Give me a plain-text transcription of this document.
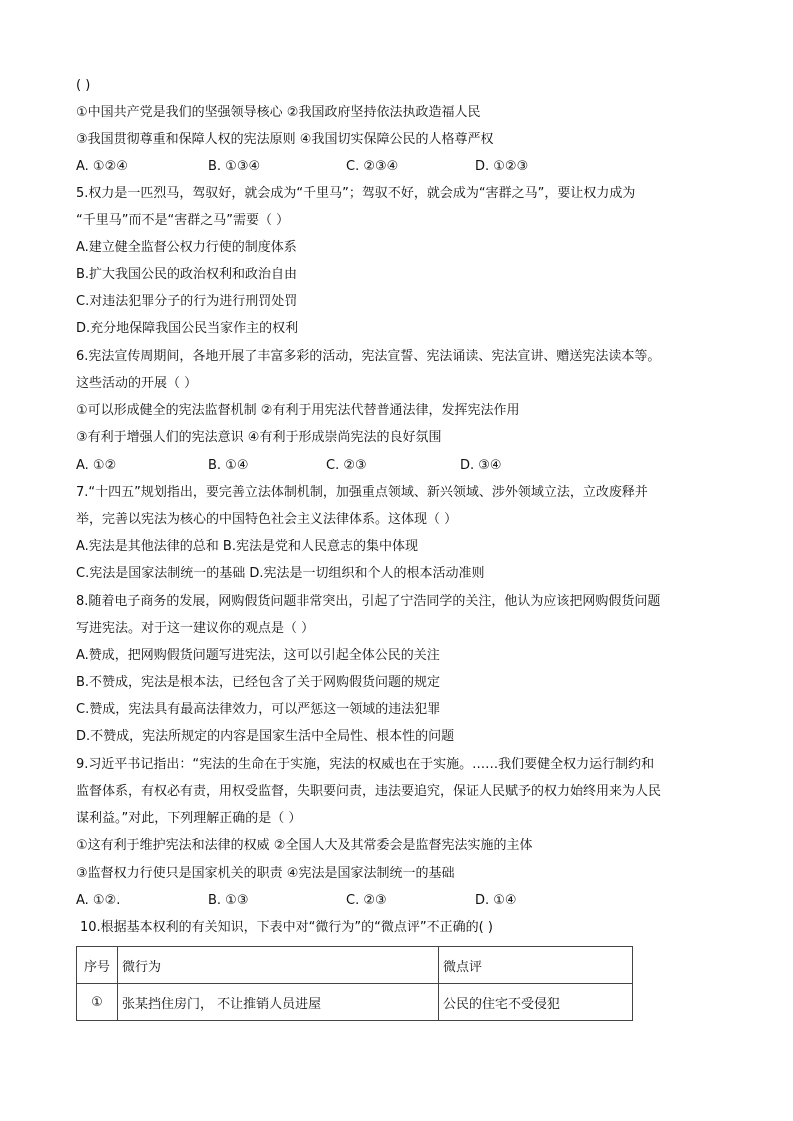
( )
①中国共产党是我们的坚强领导核心 ②我国政府坚持依法执政造福人民
③我国贯彻尊重和保障人权的宪法原则 ④我国切实保障公民的人格尊严权
A. ①②④	B. ①③④	C. ②③④	D. ①②③
5.权力是一匹烈马，驾驭好，就会成为“千里马”；驾驭不好，就会成为“害群之马”，要让权力成为
“千里马”而不是“害群之马”需要（ ）
A.建立健全监督公权力行使的制度体系
B.扩大我国公民的政治权利和政治自由
C.对违法犯罪分子的行为进行刑罚处罚
D.充分地保障我国公民当家作主的权利
6.宪法宣传周期间，各地开展了丰富多彩的活动，宪法宣誓、宪法诵读、宪法宣讲、赠送宪法读本等。
这些活动的开展（ ）
①可以形成健全的宪法监督机制 ②有利于用宪法代替普通法律，发挥宪法作用
③有利于增强人们的宪法意识 ④有利于形成崇尚宪法的良好氛围
A. ①②	B. ①④	C. ②③	D. ③④
7.“十四五”规划指出，要完善立法体制机制，加强重点领域、新兴领域、涉外领域立法，立改废释并
举，完善以宪法为核心的中国特色社会主义法律体系。这体现（ ）
A.宪法是其他法律的总和 B.宪法是党和人民意志的集中体现
C.宪法是国家法制统一的基础 D.宪法是一切组织和个人的根本活动准则
8.随着电子商务的发展，网购假货问题非常突出，引起了宁浩同学的关注，他认为应该把网购假货问题
写进宪法。对于这一建议你的观点是（ ）
A.赞成，把网购假货问题写进宪法，这可以引起全体公民的关注
B.不赞成，宪法是根本法，已经包含了关于网购假货问题的规定
C.赞成，宪法具有最高法律效力，可以严惩这一领域的违法犯罪
D.不赞成，宪法所规定的内容是国家生活中全局性、根本性的问题
9.习近平书记指出：“宪法的生命在于实施，宪法的权威也在于实施。……我们要健全权力运行制约和
监督体系，有权必有责，用权受监督，失职要问责，违法要追究，保证人民赋予的权力始终用来为人民
谋利益。”对此，下列理解正确的是（ ）
①这有利于维护宪法和法律的权威 ②全国人大及其常委会是监督宪法实施的主体
③监督权力行使只是国家机关的职责 ④宪法是国家法制统一的基础
A. ①②.	B. ①③	C. ②③	D. ①④
10.根据基本权利的有关知识，下表中对“微行为”的“微点评”不正确的( )
序号	微行为	微点评
①	张某挡住房门， 不让推销人员进屋	公民的住宅不受侵犯
